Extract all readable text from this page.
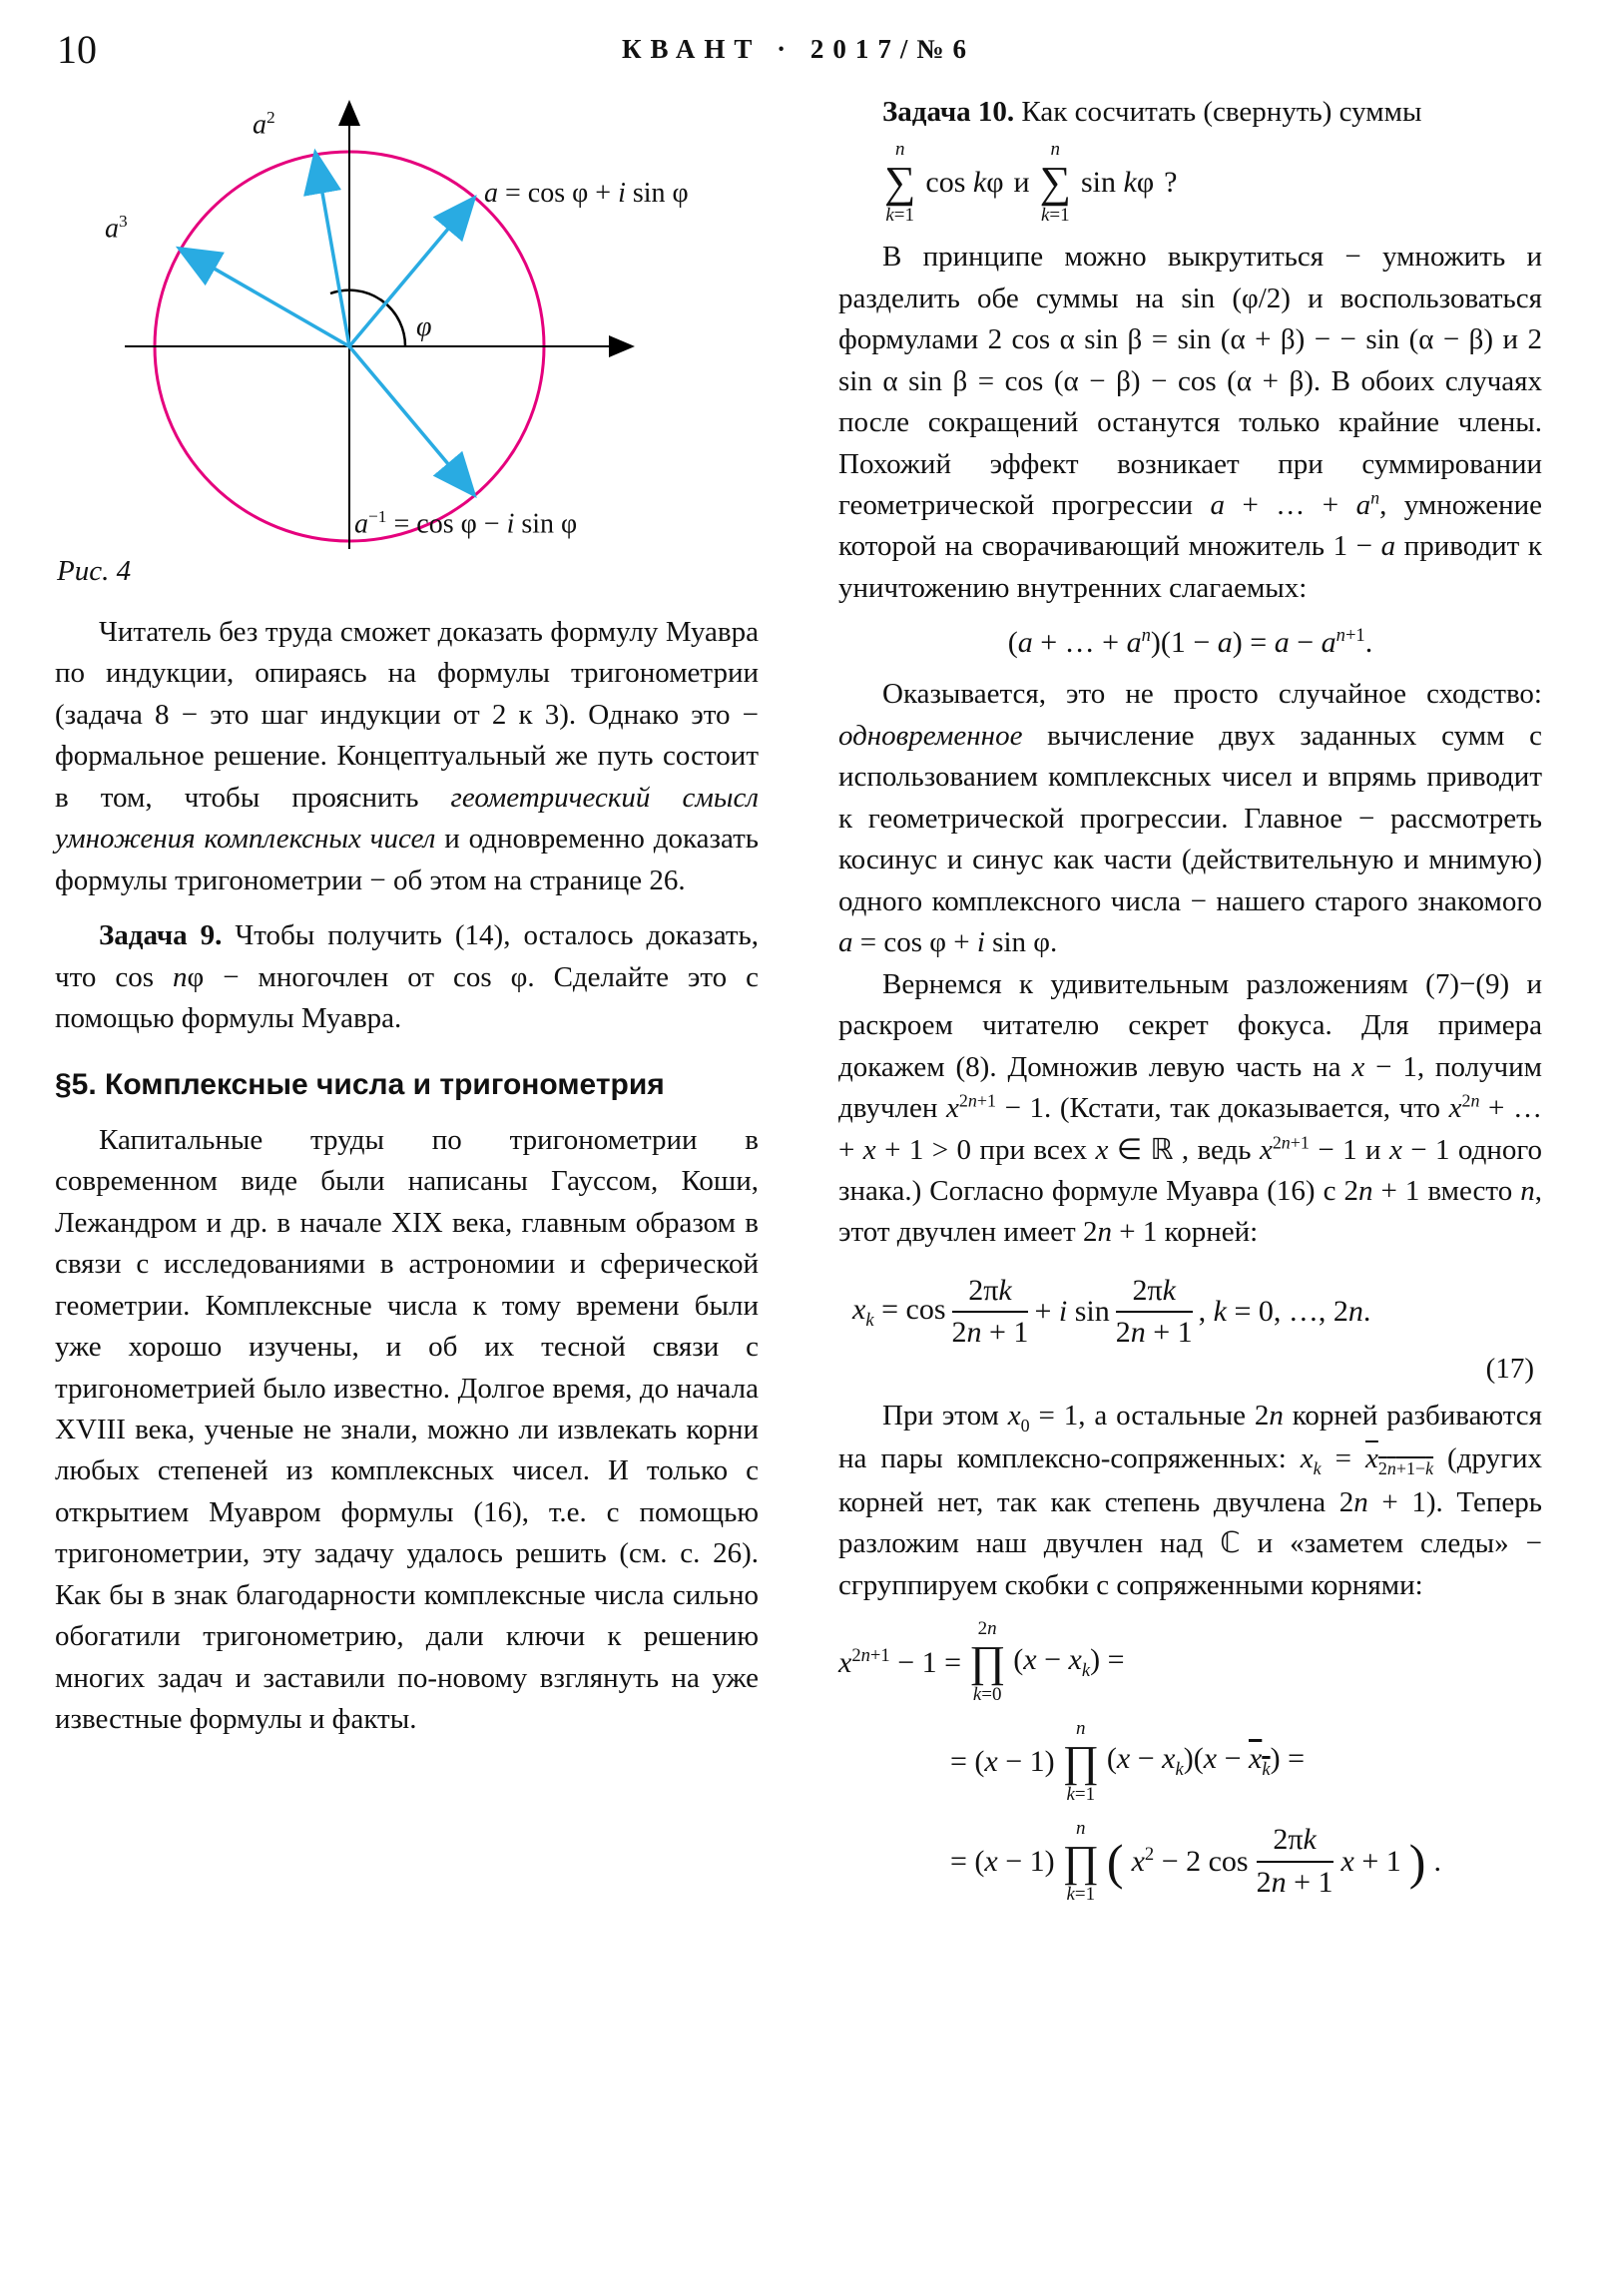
10	КВАНТ · 2017/№6
$a^2$
$a^3$
a = cos φ + i sin φ
$a^{-1} = \cos \varphi - i$ sin φ
φ
Рис. 4

Читатель без труда сможет доказать формулу Муавра по индукции, опираясь на формулы тригонометрии (задача 8 − это шаг индукции от 2 к 3). Однако это − формальное решение. Концептуальный же путь состоит в том, чтобы прояснить геометрический смысл умножения комплексных чисел и одновременно доказать формулы тригонометрии − об этом на странице 26.

Задача 9. Чтобы получить (14), осталось доказать, что cos nφ − многочлен от cos φ. Сделайте это с помощью формулы Муавра.

§5. Комплексные числа и тригонометрия

Капитальные труды по тригонометрии в современном виде были написаны Гауссом, Коши, Лежандром и др. в начале XIX века, главным образом в связи с исследованиями в астрономии и сферической геометрии. Комплексные числа к тому времени были уже хорошо изучены, и об их тесной связи с тригонометрией было известно. Долгое время, до начала XVIII века, ученые не знали, можно ли извлекать корни любых степеней из комплексных чисел. И только с открытием Муавром формулы (16), т.е. с помощью тригонометрии, эту задачу удалось решить (см. с. 26). Как бы в знак благодарности комплексные числа сильно обогатили тригонометрию, дали ключи к решению многих задач и заставили по-новому взглянуть на уже известные формулы и факты.

Задача 10. Как сосчитать (свернуть) суммы

n
∑
k=1
cos kφ и
n
∑
k=1
sin kφ ?

В принципе можно выкрутиться − умножить и разделить обе суммы на sin (φ/2) и воспользоваться формулами 2 cos α sin β = sin (α + β) − − sin (α − β) и 2 sin α sin β = cos (α − β) − cos (α + β). В обоих случаях после сокращений останутся только крайние члены. Похожий эффект возникает при суммировании геометрической прогрессии a + … + $a^n$, умножение которой на сворачивающий множитель 1 − a приводит к уничтожению внутренних слагаемых:

(a + … + $a^n)(1 - a) = a - a^{n+1}$.

Оказывается, это не просто случайное сходство: одновременное вычисление двух заданных сумм с использованием комплексных чисел и впрямь приводит к геометрической прогрессии. Главное − рассмотреть косинус и синус как части (действительную и мнимую) одного комплексного числа − нашего старого знакомого a = cos φ + i sin φ.

Вернемся к удивительным разложениям (7)−(9) и раскроем читателю секрет фокуса. Для примера докажем (8). Домножив левую часть на x − 1, получим двучлен $x^{2n+1} - 1$. (Кстати, так доказывается, что $x^{2n}$ + … + x + 1 > 0 при всех x ∈ ℝ , ведь $x^{2n+1} - 1$ и x − 1 одного знака.) Согласно формуле Муавра (16) с 2n + 1 вместо n, этот двучлен имеет 2n + 1 корней:

$x_k = \cos \frac{2\pi k}{2n + 1} + i$ $\sin \frac{2\pi k}{2n + 1}$ , k = 0, …, 2n.
(17)

При этом $x_0 = 1$, а остальные 2n корней разбиваются на пары комплексно-сопряженных: $x_k = x_{2n+1-k}$ (других корней нет, так как степень двучлена 2n + 1). Теперь разложим наш двучлен над ℂ и «заметем следы» − сгруппируем скобки с сопряженными корнями:

$x^{2n+1} - 1$ =
2n
∏
k=0
$(x - x_k)$ =
= (x − 1)
n
∏
k=1
$(x - x_k)(x - x_k)$ =
= (x − 1)
n
∏
k=1
( $x^2 - 2$ $\cos \frac{2\pi k}{2n + 1}$ x + 1 ) .
